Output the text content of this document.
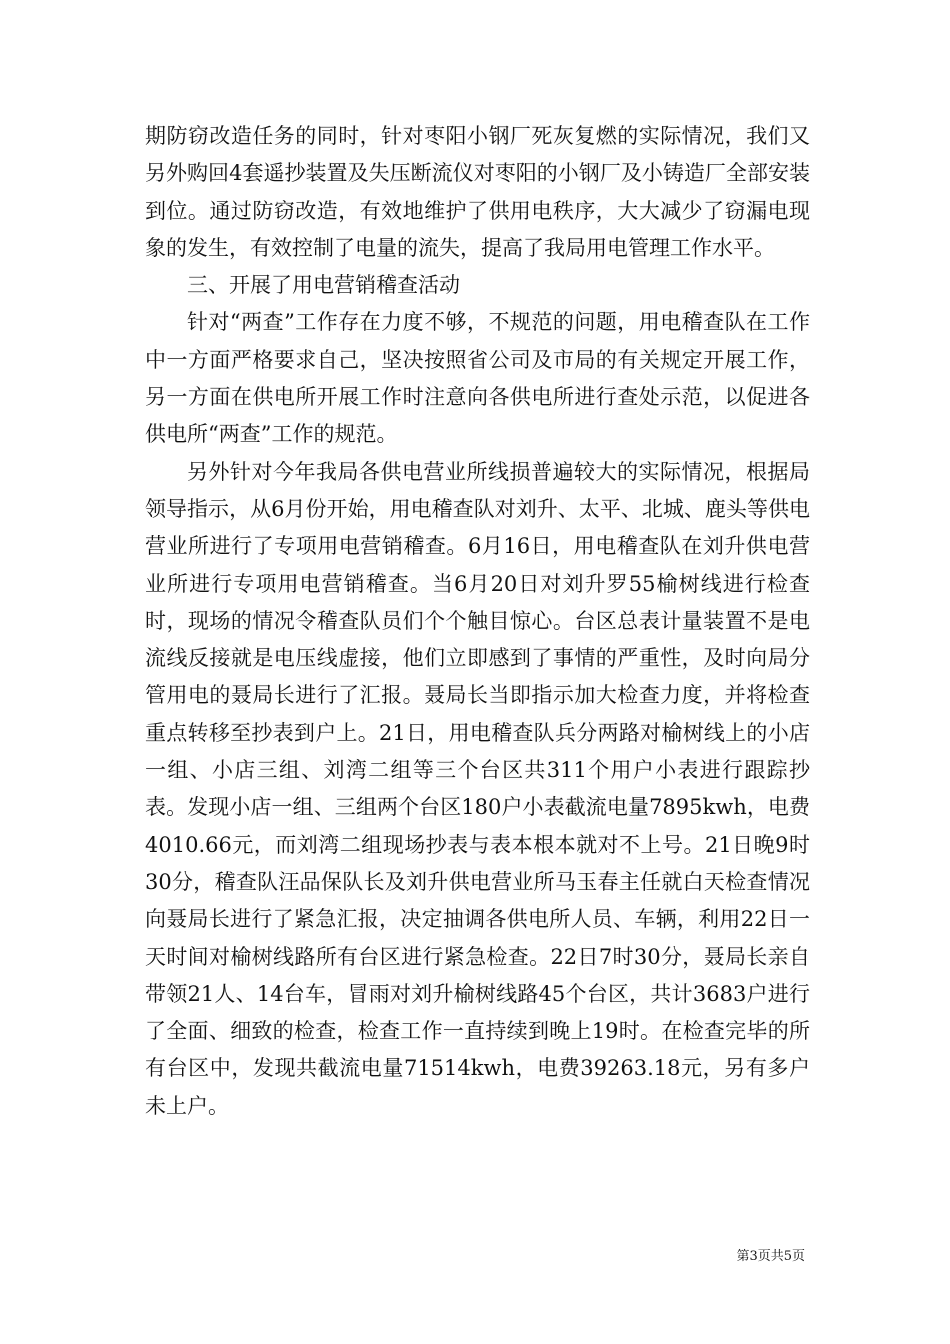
期防窃改造任务的同时，针对枣阳小钢厂死灰复燃的实际情况，我们又另外购回4套遥抄装置及失压断流仪对枣阳的小钢厂及小铸造厂全部安装到位。通过防窃改造，有效地维护了供用电秩序，大大减少了窃漏电现象的发生，有效控制了电量的流失，提高了我局用电管理工作水平。

三、开展了用电营销稽查活动

针对“两查”工作存在力度不够，不规范的问题，用电稽查队在工作中一方面严格要求自己，坚决按照省公司及市局的有关规定开展工作，另一方面在供电所开展工作时注意向各供电所进行查处示范，以促进各供电所“两查”工作的规范。

另外针对今年我局各供电营业所线损普遍较大的实际情况，根据局领导指示，从6月份开始，用电稽查队对刘升、太平、北城、鹿头等供电营业所进行了专项用电营销稽查。6月16日，用电稽查队在刘升供电营业所进行专项用电营销稽查。当6月20日对刘升罗55榆树线进行检查时，现场的情况令稽查队员们个个触目惊心。台区总表计量装置不是电流线反接就是电压线虚接，他们立即感到了事情的严重性，及时向局分管用电的聂局长进行了汇报。聂局长当即指示加大检查力度，并将检查重点转移至抄表到户上。21日，用电稽查队兵分两路对榆树线上的小店一组、小店三组、刘湾二组等三个台区共311个用户小表进行跟踪抄表。发现小店一组、三组两个台区180户小表截流电量7895kwh，电费4010.66元，而刘湾二组现场抄表与表本根本就对不上号。21日晚9时30分，稽查队汪品保队长及刘升供电营业所马玉春主任就白天检查情况向聂局长进行了紧急汇报，决定抽调各供电所人员、车辆，利用22日一天时间对榆树线路所有台区进行紧急检查。22日7时30分，聂局长亲自带领21人、14台车，冒雨对刘升榆树线路45个台区，共计3683户进行了全面、细致的检查，检查工作一直持续到晚上19时。在检查完毕的所有台区中，发现共截流电量71514kwh，电费39263.18元，另有多户未上户。

第3页共5页
